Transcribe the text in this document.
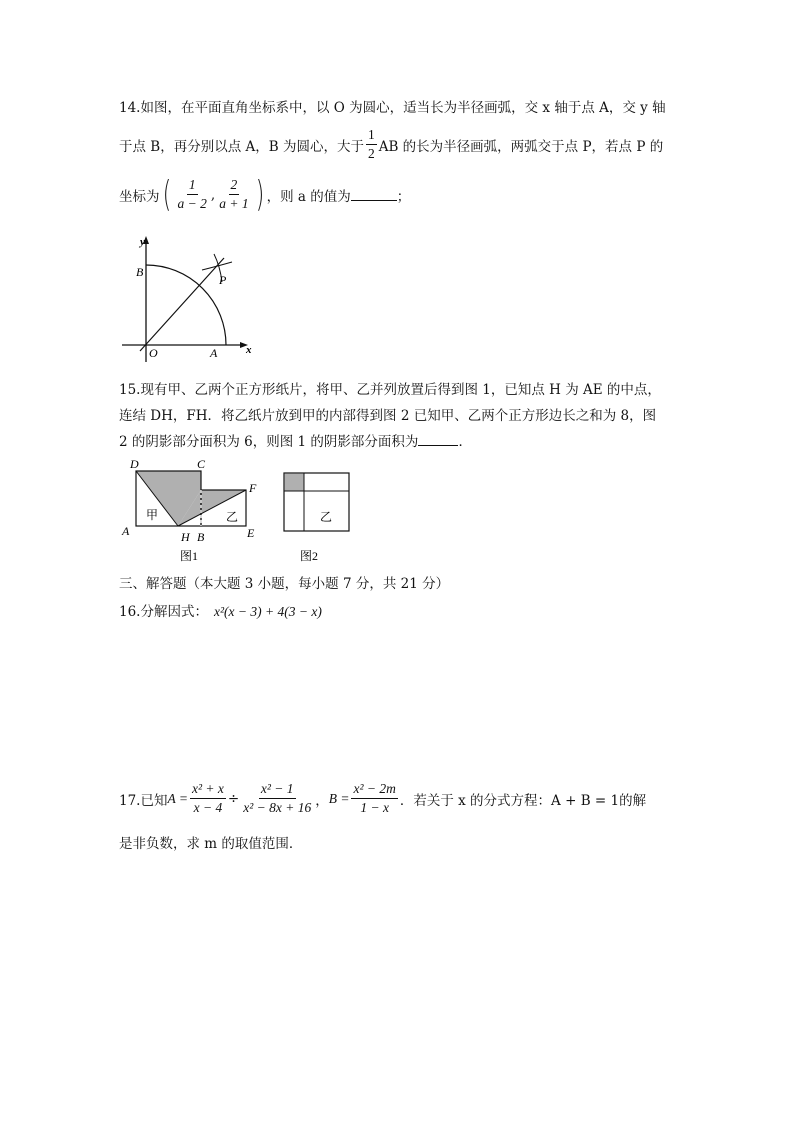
14.如图，在平面直角坐标系中，以 O 为圆心，适当长为半径画弧，交 x 轴于点 A，交 y 轴
于点 B，再分别以点 A，B 为圆心，大于 $\frac{1}{2}$ AB 的长为半径画弧，两弧交于点 P，若点 P 的
坐标为 ( $\frac{1}{a - 2}$ , $\frac{2}{a + 1}$ ) ，则 a 的值为	；
y
x
O	A
B
P
15.现有甲、乙两个正方形纸片，将甲、乙并列放置后得到图 1，已知点 H 为 AE 的中点，
连结 DH，FH．将乙纸片放到甲的内部得到图 2 已知甲、乙两个正方形边长之和为 8，图
2 的阴影部分面积为 6，则图 1 的阴影部分面积为	．
D	C
F
A	H B	E
甲	乙
图1
乙
图2
三、解答题（本大题 3 小题，每小题 7 分，共 21 分）
16.分解因式： x²(x − 3) + 4(3 − x)
17.已知 $A = \frac{\text{x² + x}}{x - 4} \div \frac{\text{x² − 1}}{\text{x² − 8x + 16}}$ ， $B = \frac{\text{x² − 2m}}{1 - x}$ ．若关于 x 的分式方程：A + B = 1的解
是非负数，求 m 的取值范围．
